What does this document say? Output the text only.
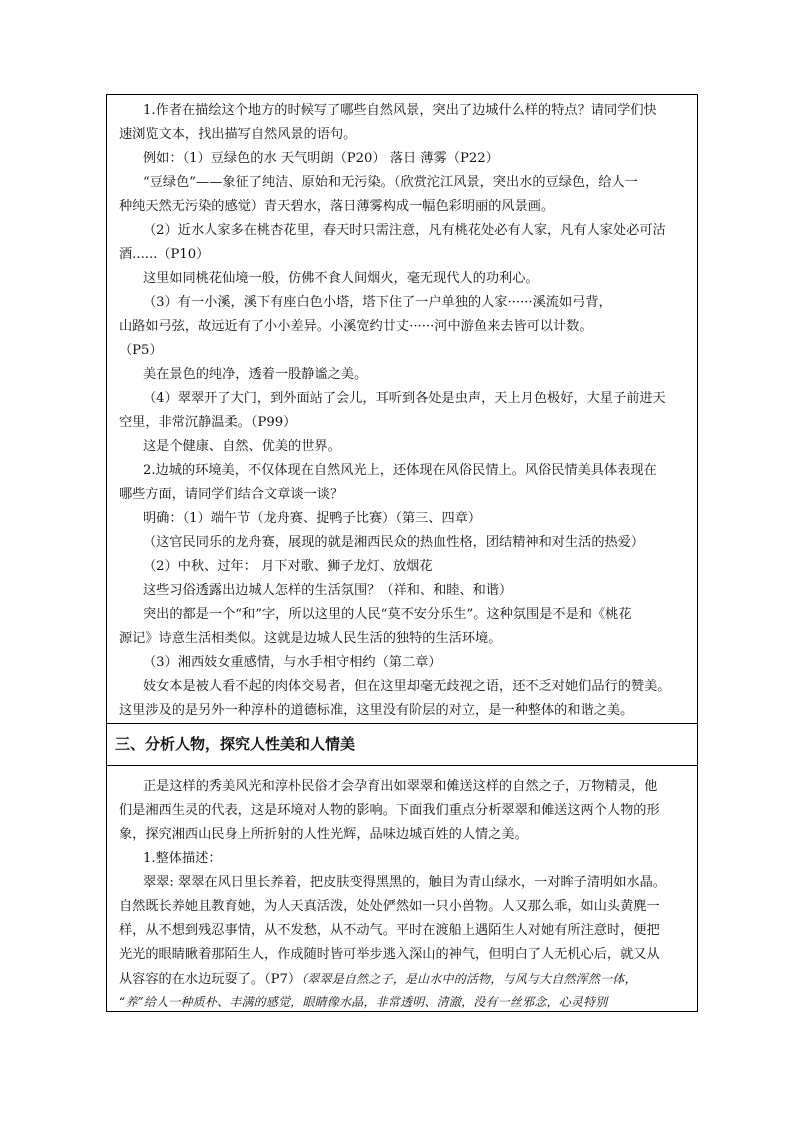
1.作者在描绘这个地方的时候写了哪些自然风景，突出了边城什么样的特点？请同学们快
速浏览文本，找出描写自然风景的语句。
例如：（1）豆绿色的水 天气明朗（P20） 落日 薄雾（P22）
“豆绿色”——象征了纯洁、原始和无污染。（欣赏沱江风景，突出水的豆绿色，给人一
种纯天然无污染的感觉）青天碧水，落日薄雾构成一幅色彩明丽的风景画。
（2）近水人家多在桃杏花里，春天时只需注意，凡有桃花处必有人家，凡有人家处必可沽
酒......（P10）
这里如同桃花仙境一般，仿佛不食人间烟火，毫无现代人的功利心。
（3）有一小溪，溪下有座白色小塔，塔下住了一户单独的人家······溪流如弓背，
山路如弓弦，故远近有了小小差异。小溪宽约廿丈······河中游鱼来去皆可以计数。
（P5）
美在景色的纯净，透着一股静谧之美。
（4）翠翠开了大门，到外面站了会儿，耳听到各处是虫声，天上月色极好，大星子前进天
空里，非常沉静温柔。（P99）
这是个健康、自然、优美的世界。
2.边城的环境美，不仅体现在自然风光上，还体现在风俗民情上。风俗民情美具体表现在
哪些方面，请同学们结合文章谈一谈？
明确：（1）端午节（龙舟赛、捉鸭子比赛）（第三、四章）
（这官民同乐的龙舟赛，展现的就是湘西民众的热血性格，团结精神和对生活的热爱）
（2）中秋、过年： 月下对歌、狮子龙灯、放烟花
这些习俗透露出边城人怎样的生活氛围？（祥和、和睦、和谐）
突出的都是一个“和”字，所以这里的人民“莫不安分乐生”。这种氛围是不是和《桃花
源记》诗意生活相类似。这就是边城人民生活的独特的生活环境。
（3）湘西妓女重感情，与水手相守相约（第二章）
妓女本是被人看不起的肉体交易者，但在这里却毫无歧视之语，还不乏对她们品行的赞美。
这里涉及的是另外一种淳朴的道德标准，这里没有阶层的对立，是一种整体的和谐之美。
三、分析人物，探究人性美和人情美
正是这样的秀美风光和淳朴民俗才会孕育出如翠翠和傩送这样的自然之子，万物精灵，他
们是湘西生灵的代表，这是环境对人物的影响。下面我们重点分析翠翠和傩送这两个人物的形
象，探究湘西山民身上所折射的人性光辉，品味边城百姓的人情之美。
1.整体描述：
翠翠: 翠翠在风日里长养着，把皮肤变得黑黑的，触目为青山绿水，一对眸子清明如水晶。
自然既长养她且教育她，为人天真活泼，处处俨然如一只小兽物。人又那么乖，如山头黄麂一
样，从不想到残忍事情，从不发愁，从不动气。平时在渡船上遇陌生人对她有所注意时，便把
光光的眼睛瞅着那陌生人，作成随时皆可举步逃入深山的神气，但明白了人无机心后，就又从
从容容的在水边玩耍了。（P7）（翠翠是自然之子，是山水中的活物，与风与大自然浑然一体，
“养”给人一种质朴、丰满的感觉，眼睛像水晶，非常透明、清澈，没有一丝邪念，心灵特别
